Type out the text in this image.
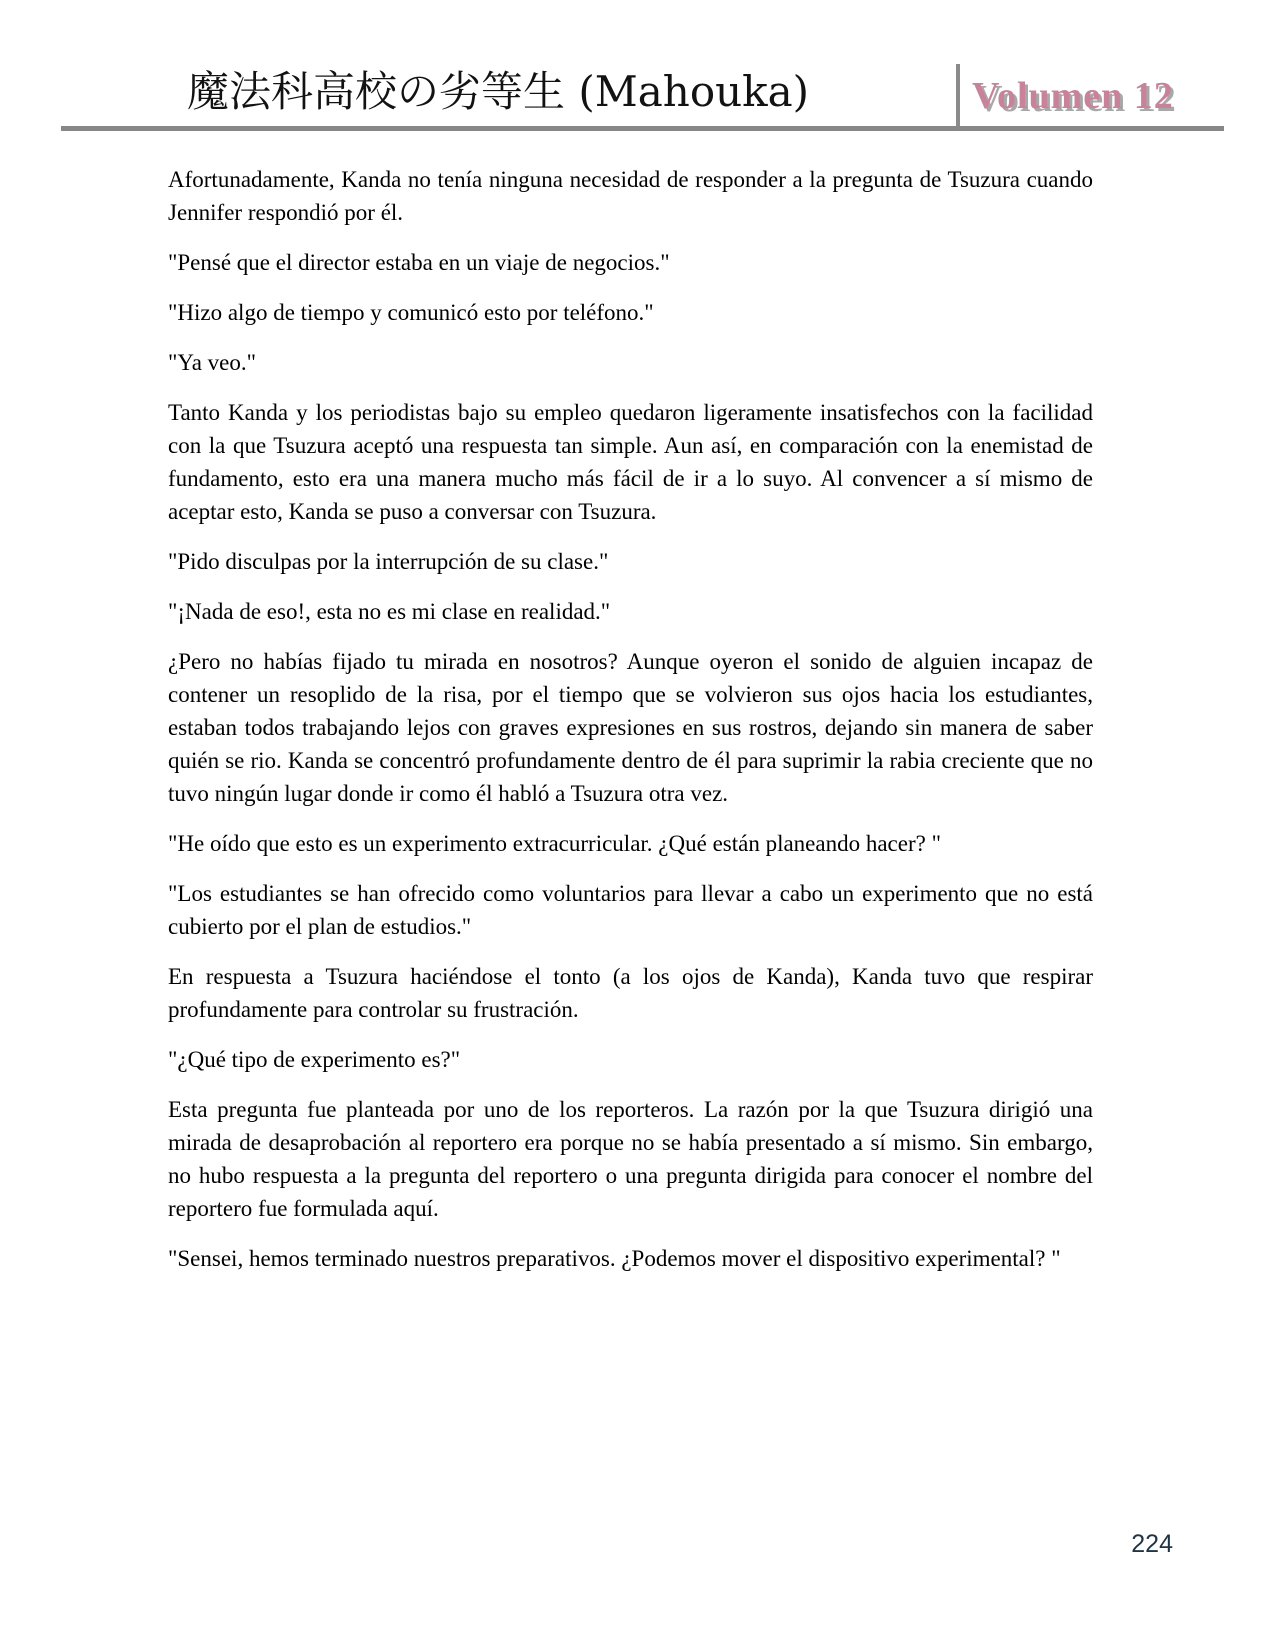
魔法科高校の劣等生 (Mahouka)	Volumen 12

Afortunadamente, Kanda no tenía ninguna necesidad de responder a la pregunta de Tsuzura cuando Jennifer respondió por él.

"Pensé que el director estaba en un viaje de negocios."

"Hizo algo de tiempo y comunicó esto por teléfono."

"Ya veo."

Tanto Kanda y los periodistas bajo su empleo quedaron ligeramente insatisfechos con la facilidad con la que Tsuzura aceptó una respuesta tan simple. Aun así, en comparación con la enemistad de fundamento, esto era una manera mucho más fácil de ir a lo suyo. Al convencer a sí mismo de aceptar esto, Kanda se puso a conversar con Tsuzura.

"Pido disculpas por la interrupción de su clase."

"¡Nada de eso!, esta no es mi clase en realidad."

¿Pero no habías fijado tu mirada en nosotros? Aunque oyeron el sonido de alguien incapaz de contener un resoplido de la risa, por el tiempo que se volvieron sus ojos hacia los estudiantes, estaban todos trabajando lejos con graves expresiones en sus rostros, dejando sin manera de saber quién se rio. Kanda se concentró profundamente dentro de él para suprimir la rabia creciente que no tuvo ningún lugar donde ir como él habló a Tsuzura otra vez.

"He oído que esto es un experimento extracurricular. ¿Qué están planeando hacer? "

"Los estudiantes se han ofrecido como voluntarios para llevar a cabo un experimento que no está cubierto por el plan de estudios."

En respuesta a Tsuzura haciéndose el tonto (a los ojos de Kanda), Kanda tuvo que respirar profundamente para controlar su frustración.

"¿Qué tipo de experimento es?"

Esta pregunta fue planteada por uno de los reporteros. La razón por la que Tsuzura dirigió una mirada de desaprobación al reportero era porque no se había presentado a sí mismo. Sin embargo, no hubo respuesta a la pregunta del reportero o una pregunta dirigida para conocer el nombre del reportero fue formulada aquí.

"Sensei, hemos terminado nuestros preparativos. ¿Podemos mover el dispositivo experimental? "

224
